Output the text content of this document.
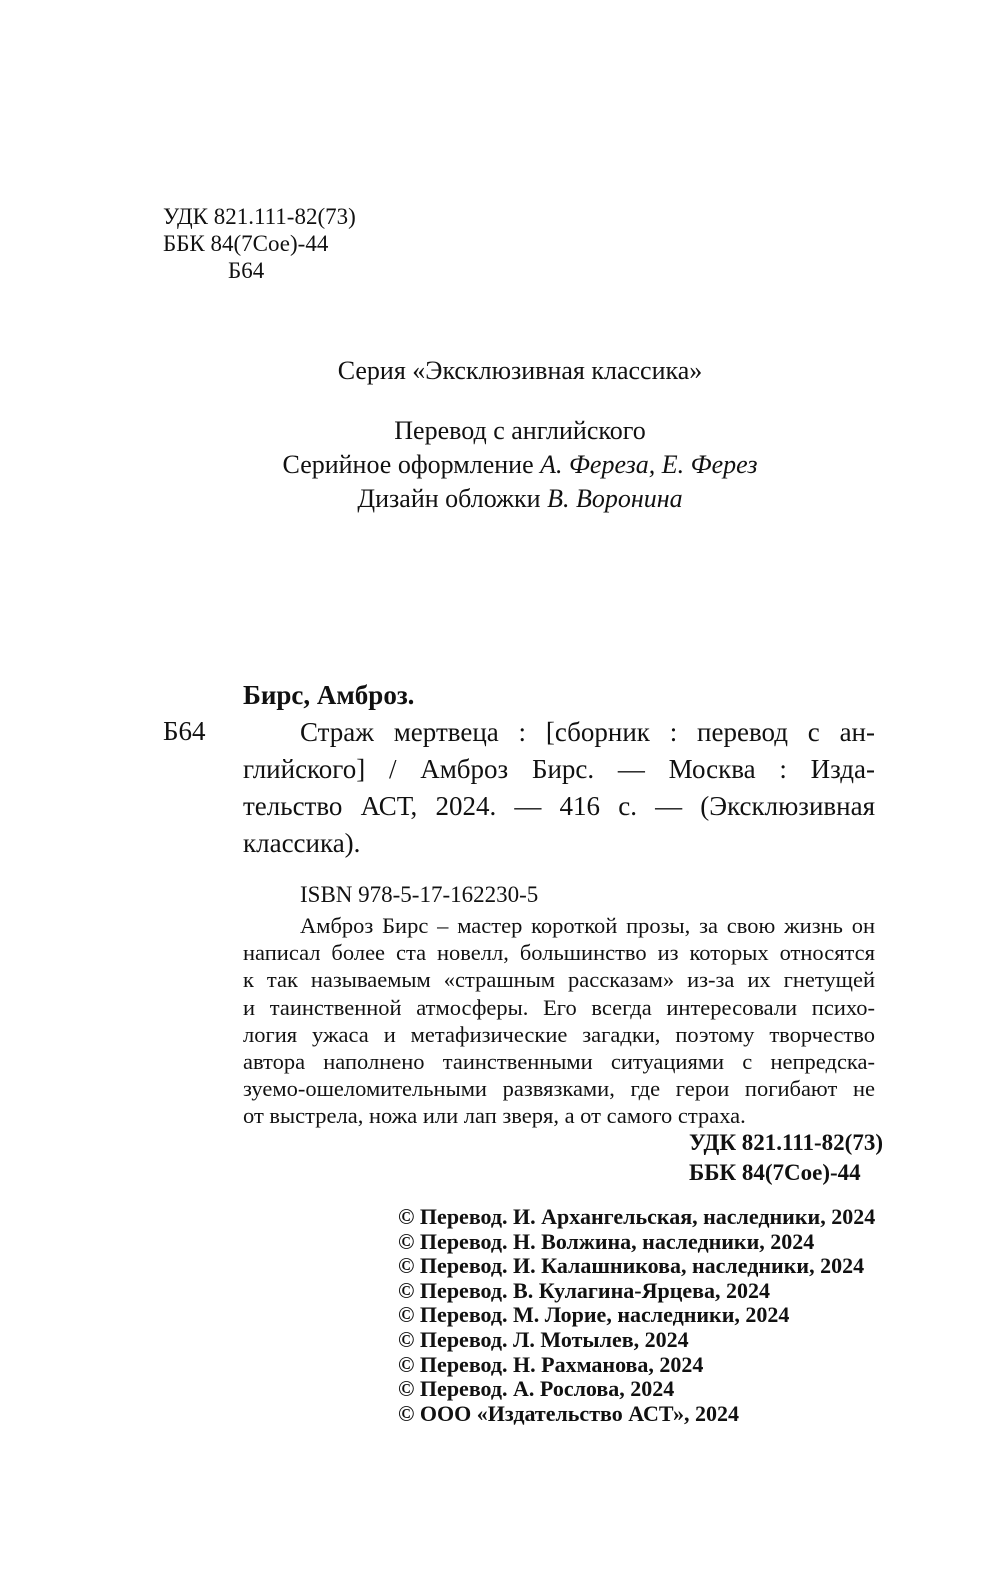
УДК 821.111-82(73)
ББК 84(7Сое)-44
Б64
Серия «Эксклюзивная классика»
Перевод с английского
Серийное оформление А. Фереза, Е. Ферез
Дизайн обложки В. Воронина
Бирс, Амброз.
Б64	Страж мертвеца : [сборник : перевод с ан-
глийского] / Амброз Бирс. — Москва : Изда-
тельство АСТ, 2024. — 416 с. — (Эксклюзивная
классика).
ISBN 978-5-17-162230-5
Амброз Бирс – мастер короткой прозы, за свою жизнь он
написал более ста новелл, большинство из которых относятся
к так называемым «страшным рассказам» из-за их гнетущей
и таинственной атмосферы. Его всегда интересовали психо-
логия ужаса и метафизические загадки, поэтому творчество
автора наполнено таинственными ситуациями с непредска-
зуемо-ошеломительными развязками, где герои погибают не
от выстрела, ножа или лап зверя, а от самого страха.
УДК 821.111-82(73)
ББК 84(7Сое)-44
© Перевод. И. Архангельская, наследники, 2024
© Перевод. Н. Волжина, наследники, 2024
© Перевод. И. Калашникова, наследники, 2024
© Перевод. В. Кулагина-Ярцева, 2024
© Перевод. М. Лорие, наследники, 2024
© Перевод. Л. Мотылев, 2024
© Перевод. Н. Рахманова, 2024
© Перевод. А. Рослова, 2024
© ООО «Издательство АСТ», 2024
